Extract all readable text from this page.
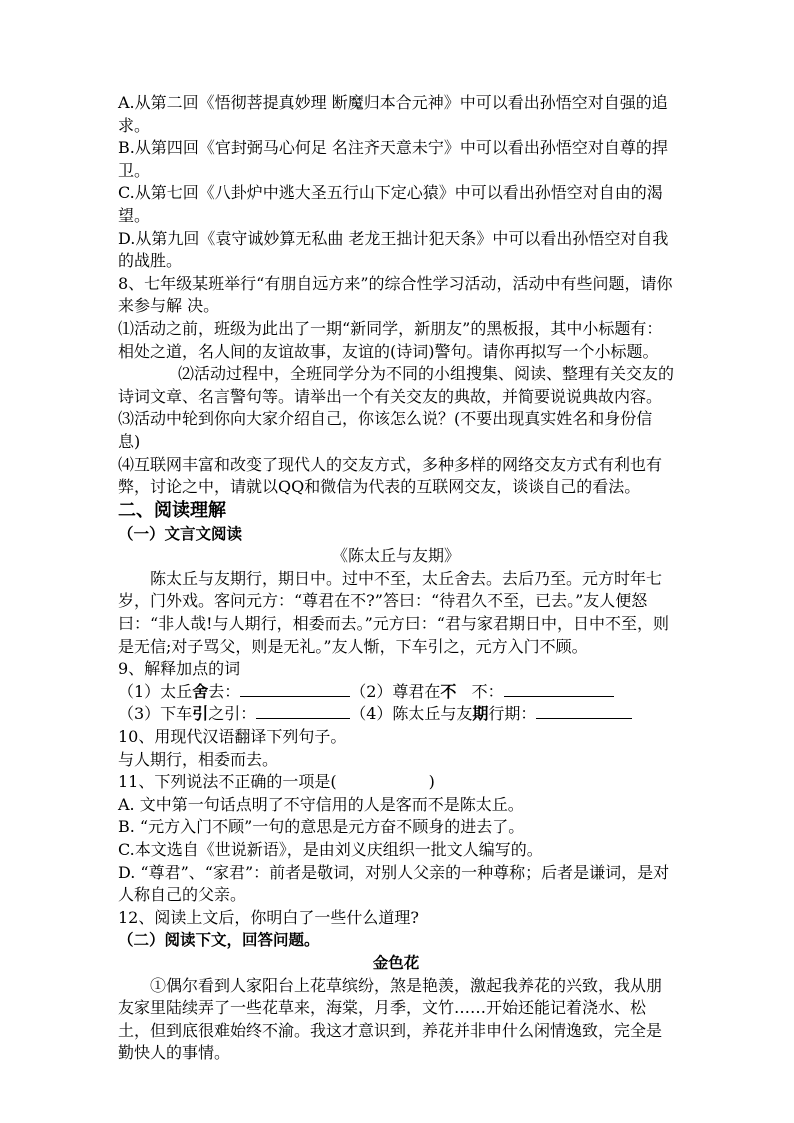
A.从第二回《悟彻菩提真妙理 断魔归本合元神》中可以看出孙悟空对自强的追求。

B.从第四回《官封弼马心何足 名注齐天意未宁》中可以看出孙悟空对自尊的捍卫。

C.从第七回《八卦炉中逃大圣五行山下定心猿》中可以看出孙悟空对自由的渴望。

D.从第九回《袁守诚妙算无私曲 老龙王拙计犯天条》中可以看出孙悟空对自我的战胜。

8、七年级某班举行“有朋自远方来”的综合性学习活动，活动中有些问题，请你来参与解 决。

⑴活动之前，班级为此出了一期“新同学，新朋友”的黑板报，其中小标题有：相处之道，名人间的友谊故事，友谊的(诗词)警句。请你再拟写一个小标题。⑵活动过程中，全班同学分为不同的小组搜集、阅读、整理有关交友的诗词文章、名言警句等。请举出一个有关交友的典故，并简要说说典故内容。

⑶活动中轮到你向大家介绍自己，你该怎么说？(不要出现真实姓名和身份信息)

⑷互联网丰富和改变了现代人的交友方式，多种多样的网络交友方式有利也有弊，讨论之中，请就以QQ和微信为代表的互联网交友，谈谈自己的看法。

二、阅读理解

（一）文言文阅读

《陈太丘与友期》

陈太丘与友期行，期日中。过中不至，太丘舍去。去后乃至。元方时年七岁，门外戏。客问元方：“尊君在不?”答曰：“待君久不至，已去。”友人便怒曰：“非人哉!与人期行，相委而去。”元方曰：“君与家君期日中，日中不至，则是无信;对子骂父，则是无礼。”友人惭，下车引之，元方入门不顾。

9、解释加点的词

（1）太丘舍去：	（2）尊君在不   不：

（3）下车引之引：	（4）陈太丘与友期行期：

10、用现代汉语翻译下列句子。

与人期行，相委而去。

11、下列说法不正确的一项是(	)

A. 文中第一句话点明了不守信用的人是客而不是陈太丘。

B. “元方入门不顾”一句的意思是元方奋不顾身的进去了。

C.本文选自《世说新语》，是由刘义庆组织一批文人编写的。

D. “尊君”、“家君”：前者是敬词，对别人父亲的一种尊称；后者是谦词，是对人称自己的父亲。

12、阅读上文后，你明白了一些什么道理?

（二）阅读下文，回答问题。

金色花

①偶尔看到人家阳台上花草缤纷，煞是艳羡，激起我养花的兴致，我从朋友家里陆续弄了一些花草来，海棠，月季，文竹……开始还能记着浇水、松土，但到底很难始终不渝。我这才意识到，养花并非申什么闲情逸致，完全是勤快人的事情。
